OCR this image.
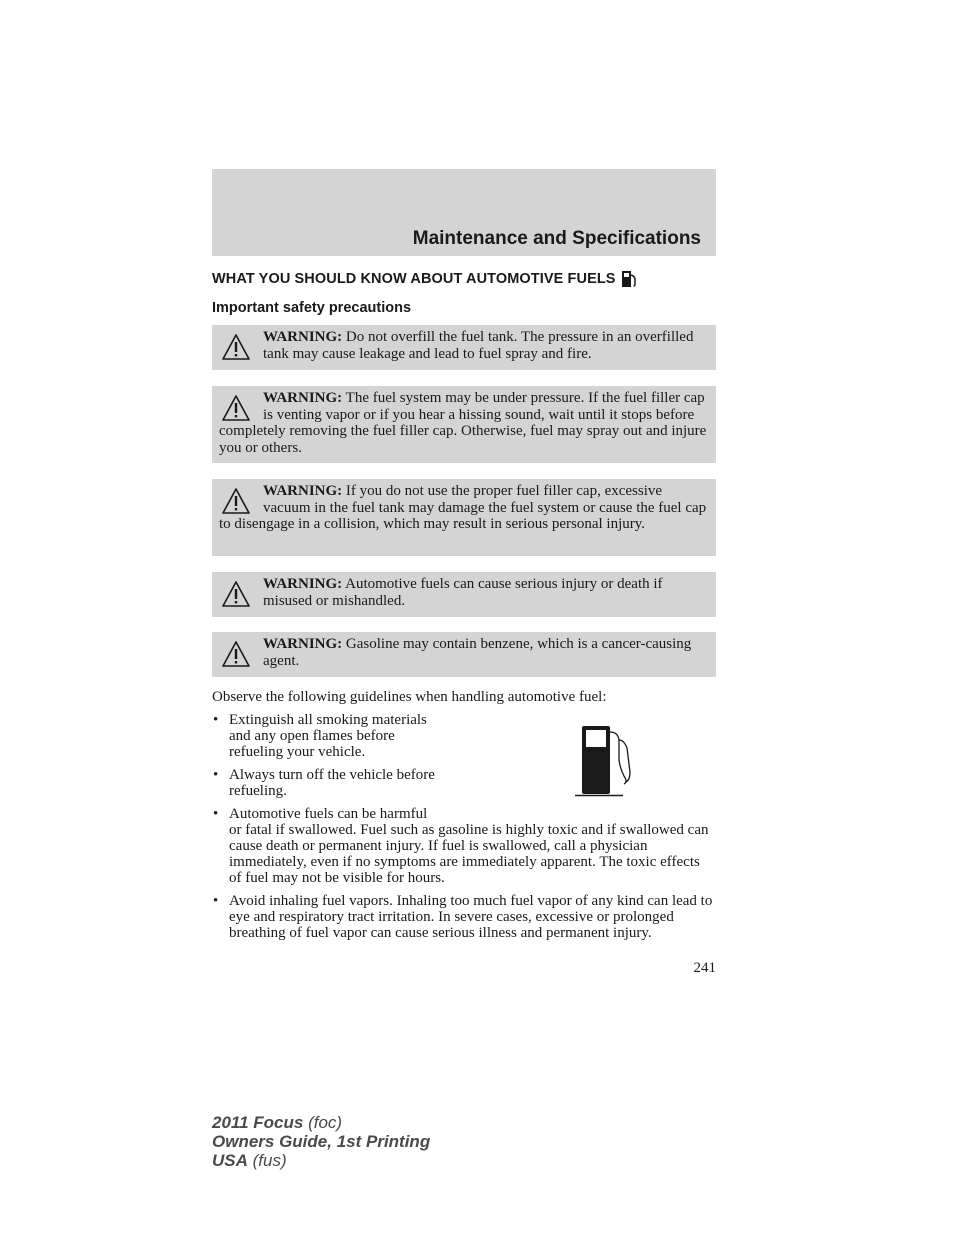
Maintenance and Specifications
WHAT YOU SHOULD KNOW ABOUT AUTOMOTIVE FUELS
Important safety precautions
WARNING: Do not overfill the fuel tank. The pressure in an overfilled tank may cause leakage and lead to fuel spray and fire.
WARNING: The fuel system may be under pressure. If the fuel filler cap is venting vapor or if you hear a hissing sound, wait until it stops before completely removing the fuel filler cap. Otherwise, fuel may spray out and injure you or others.
WARNING: If you do not use the proper fuel filler cap, excessive vacuum in the fuel tank may damage the fuel system or cause the fuel cap to disengage in a collision, which may result in serious personal injury.
WARNING: Automotive fuels can cause serious injury or death if misused or mishandled.
WARNING: Gasoline may contain benzene, which is a cancer-causing agent.
Observe the following guidelines when handling automotive fuel:
• Extinguish all smoking materials
and any open flames before
refueling your vehicle.
• Always turn off the vehicle before
refueling.
• Automotive fuels can be harmful
or fatal if swallowed. Fuel such as gasoline is highly toxic and if swallowed can cause death or permanent injury. If fuel is swallowed, call a physician immediately, even if no symptoms are immediately apparent. The toxic effects of fuel may not be visible for hours.
• Avoid inhaling fuel vapors. Inhaling too much fuel vapor of any kind can lead to eye and respiratory tract irritation. In severe cases, excessive or prolonged breathing of fuel vapor can cause serious illness and permanent injury.
241
2011 Focus (foc)
Owners Guide, 1st Printing
USA (fus)
